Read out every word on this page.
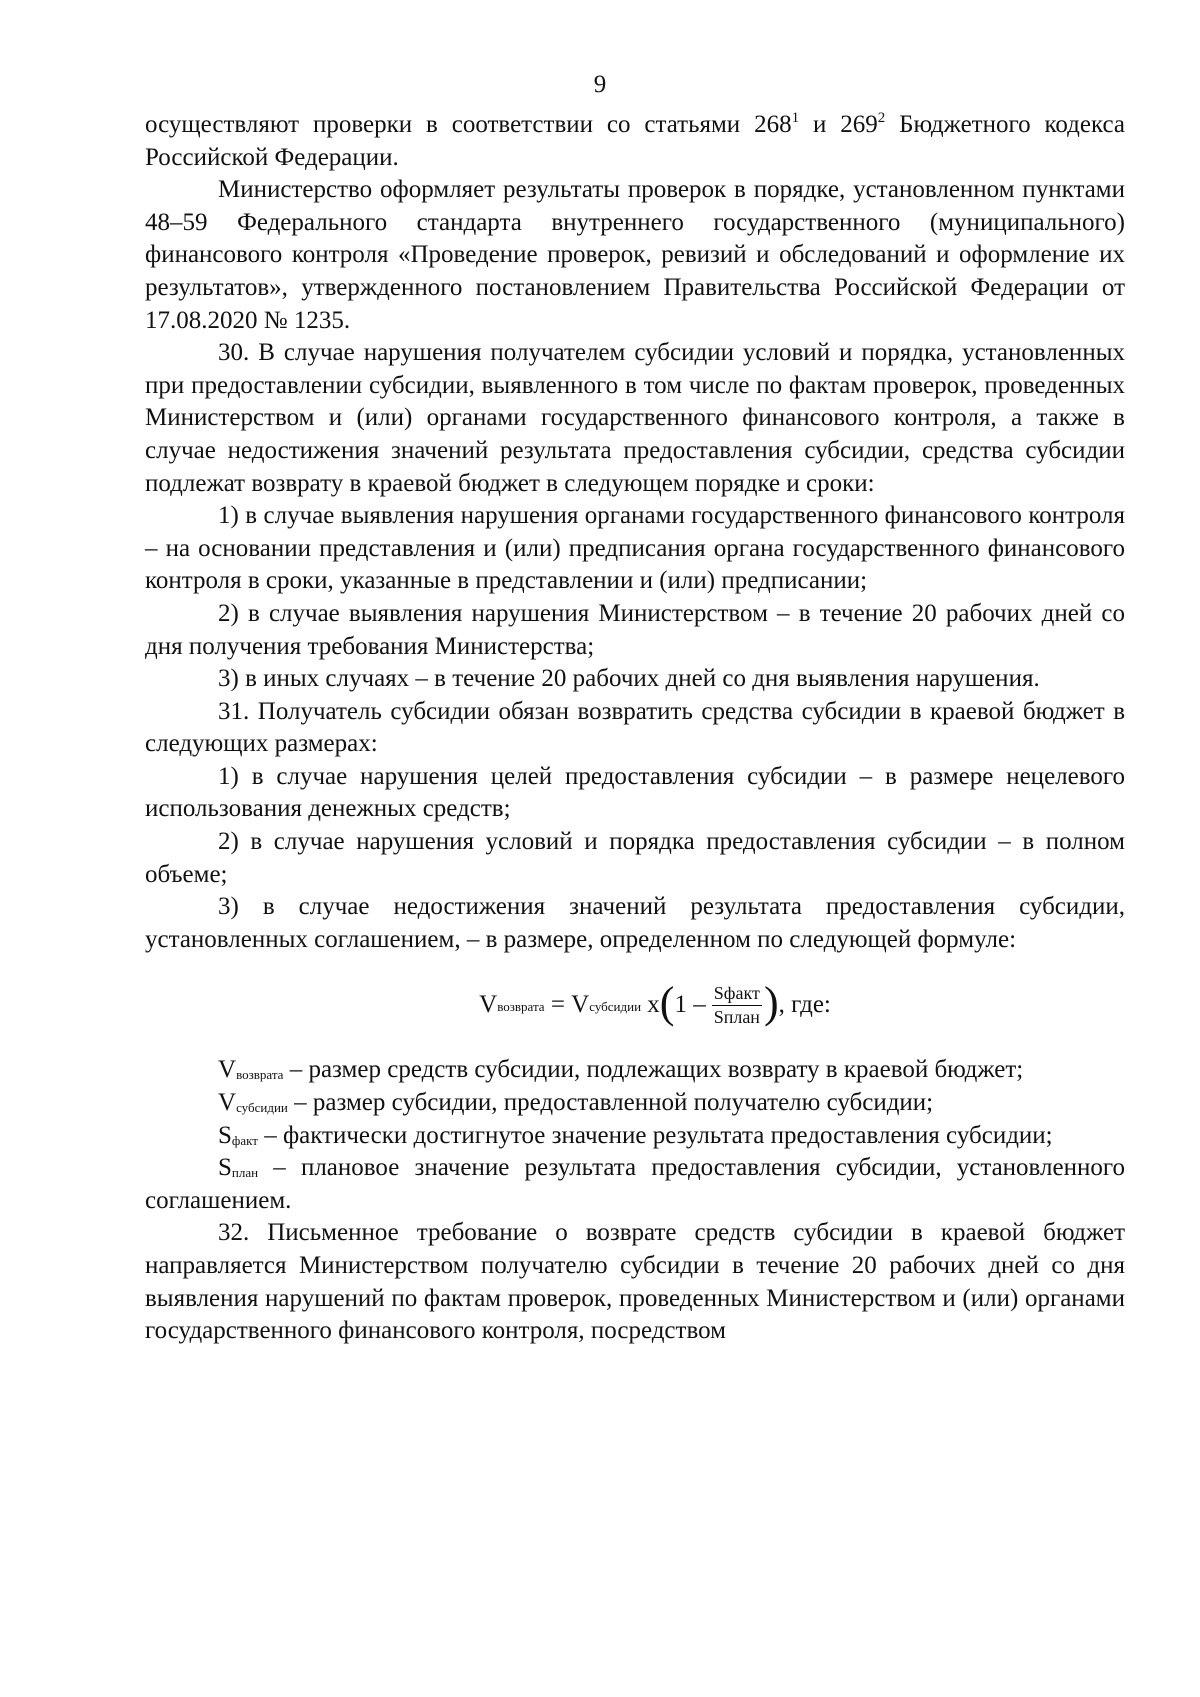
9

осуществляют проверки в соответствии со статьями $268^1$ и $269^2$ Бюджетного кодекса Российской Федерации.

Министерство оформляет результаты проверок в порядке, установленном пунктами 48–59 Федерального стандарта внутреннего государственного (муниципального) финансового контроля «Проведение проверок, ревизий и обследований и оформление их результатов», утвержденного постановлением Правительства Российской Федерации от 17.08.2020 № 1235.

30. В случае нарушения получателем субсидии условий и порядка, установленных при предоставлении субсидии, выявленного в том числе по фактам проверок, проведенных Министерством и (или) органами государственного финансового контроля, а также в случае недостижения значений результата предоставления субсидии, средства субсидии подлежат возврату в краевой бюджет в следующем порядке и сроки:

1) в случае выявления нарушения органами государственного финансового контроля – на основании представления и (или) предписания органа государственного финансового контроля в сроки, указанные в представлении и (или) предписании;

2) в случае выявления нарушения Министерством – в течение 20 рабочих дней со дня получения требования Министерства;

3) в иных случаях – в течение 20 рабочих дней со дня выявления нарушения.

31. Получатель субсидии обязан возвратить средства субсидии в краевой бюджет в следующих размерах:

1) в случае нарушения целей предоставления субсидии – в размере нецелевого использования денежных средств;

2) в случае нарушения условий и порядка предоставления субсидии – в полном объеме;

3) в случае недостижения значений результата предоставления субсидии, установленных соглашением, – в размере, определенном по следующей формуле:

V возврата = V субсидии x ( $1 - \frac{\text{Sфакт}}{\text{Sплан}}$ ) , где:

Vвозврата – размер средств субсидии, подлежащих возврату в краевой бюджет;

Vсубсидии – размер субсидии, предоставленной получателю субсидии;

Sфакт – фактически достигнутое значение результата предоставления субсидии;

Sплан – плановое значение результата предоставления субсидии, установленного соглашением.

32. Письменное требование о возврате средств субсидии в краевой бюджет направляется Министерством получателю субсидии в течение 20 рабочих дней со дня выявления нарушений по фактам проверок, проведенных Министерством и (или) органами государственного финансового контроля, посредством
